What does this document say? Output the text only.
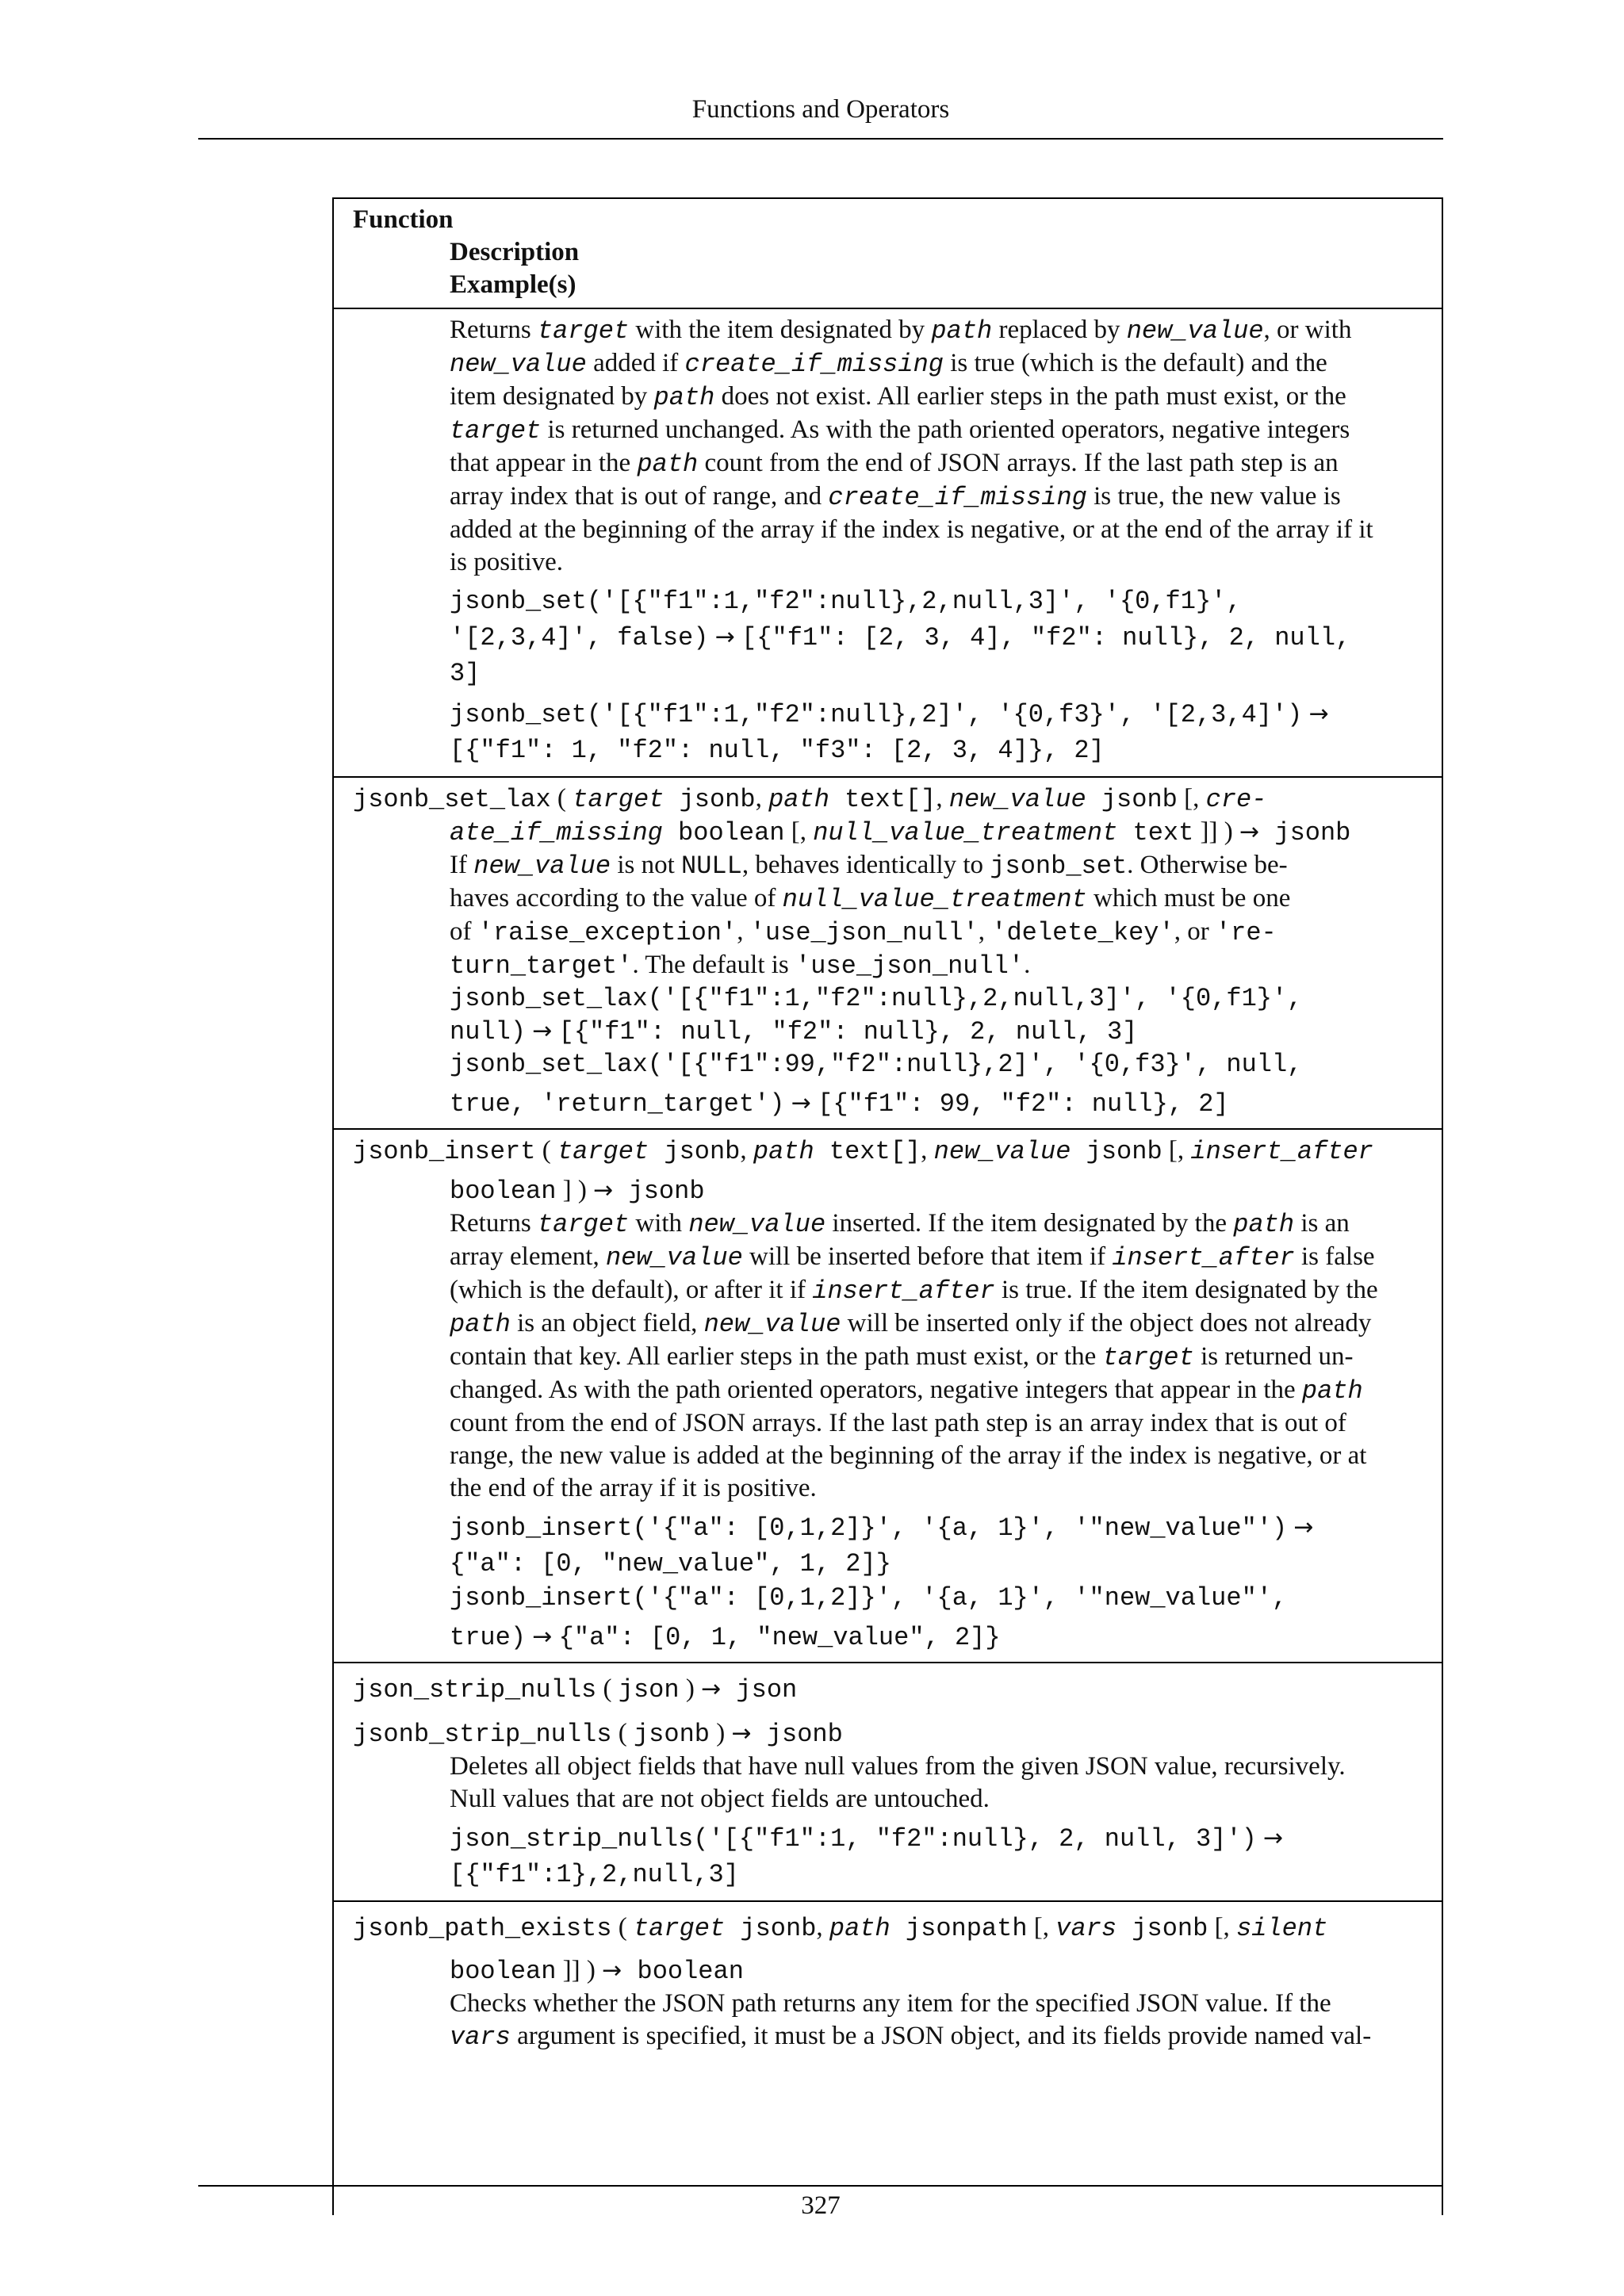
Functions and Operators
Function
Description
Example(s)
Returns target with the item designated by path replaced by new_value, or with
new_value added if create_if_missing is true (which is the default) and the
item designated by path does not exist. All earlier steps in the path must exist, or the
target is returned unchanged. As with the path oriented operators, negative integers
that appear in the path count from the end of JSON arrays. If the last path step is an
array index that is out of range, and create_if_missing is true, the new value is
added at the beginning of the array if the index is negative, or at the end of the array if it
is positive.
jsonb_set('[{"f1":1,"f2":null},2,null,3]', '{0,f1}',
'[2,3,4]', false) → [{"f1": [2, 3, 4], "f2": null}, 2, null,
3]
jsonb_set('[{"f1":1,"f2":null},2]', '{0,f3}', '[2,3,4]') →
[{"f1": 1, "f2": null, "f3": [2, 3, 4]}, 2]
jsonb_set_lax ( target jsonb, path text[], new_value jsonb [, cre-
ate_if_missing boolean [, null_value_treatment text ]] ) → jsonb
If new_value is not NULL, behaves identically to jsonb_set. Otherwise be-
haves according to the value of null_value_treatment which must be one
of 'raise_exception', 'use_json_null', 'delete_key', or 're-
turn_target'. The default is 'use_json_null'.
jsonb_set_lax('[{"f1":1,"f2":null},2,null,3]', '{0,f1}',
null) → [{"f1": null, "f2": null}, 2, null, 3]
jsonb_set_lax('[{"f1":99,"f2":null},2]', '{0,f3}', null,
true, 'return_target') → [{"f1": 99, "f2": null}, 2]
jsonb_insert ( target jsonb, path text[], new_value jsonb [, insert_after
boolean ] ) → jsonb
Returns target with new_value inserted. If the item designated by the path is an
array element, new_value will be inserted before that item if insert_after is false
(which is the default), or after it if insert_after is true. If the item designated by the
path is an object field, new_value will be inserted only if the object does not already
contain that key. All earlier steps in the path must exist, or the target is returned un-
changed. As with the path oriented operators, negative integers that appear in the path
count from the end of JSON arrays. If the last path step is an array index that is out of
range, the new value is added at the beginning of the array if the index is negative, or at
the end of the array if it is positive.
jsonb_insert('{"a": [0,1,2]}', '{a, 1}', '"new_value"') →
{"a": [0, "new_value", 1, 2]}
jsonb_insert('{"a": [0,1,2]}', '{a, 1}', '"new_value"',
true) → {"a": [0, 1, "new_value", 2]}
json_strip_nulls ( json ) → json
jsonb_strip_nulls ( jsonb ) → jsonb
Deletes all object fields that have null values from the given JSON value, recursively.
Null values that are not object fields are untouched.
json_strip_nulls('[{"f1":1, "f2":null}, 2, null, 3]') →
[{"f1":1},2,null,3]
jsonb_path_exists ( target jsonb, path jsonpath [, vars jsonb [, silent
boolean ]] ) → boolean
Checks whether the JSON path returns any item for the specified JSON value. If the
vars argument is specified, it must be a JSON object, and its fields provide named val-
327
